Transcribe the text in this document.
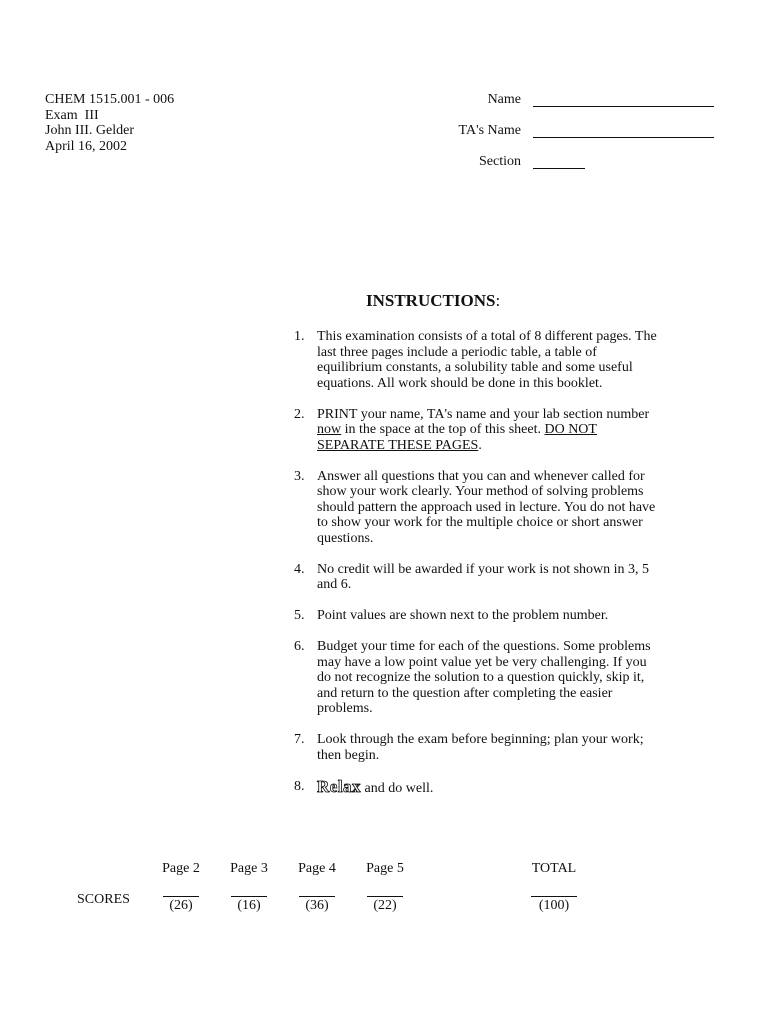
CHEM 1515.001 - 006
Exam  III
John III. Gelder
April 16, 2002
Name
TA's Name
Section
INSTRUCTIONS:
1. This examination consists of a total of 8 different pages. The last three pages include a periodic table, a table of equilibrium constants, a solubility table and some useful equations. All work should be done in this booklet.
2. PRINT your name, TA's name and your lab section number now in the space at the top of this sheet. DO NOT SEPARATE THESE PAGES.
3. Answer all questions that you can and whenever called for show your work clearly. Your method of solving problems should pattern the approach used in lecture. You do not have to show your work for the multiple choice or short answer questions.
4. No credit will be awarded if your work is not shown in 3, 5 and 6.
5. Point values are shown next to the problem number.
6. Budget your time for each of the questions. Some problems may have a low point value yet be very challenging. If you do not recognize the solution to a question quickly, skip it, and return to the question after completing the easier problems.
7. Look through the exam before beginning; plan your work; then begin.
8. Relax and do well.
SCORES
Page 2
(26)
Page 3
(16)
Page 4
(36)
Page 5
(22)
TOTAL
(100)
